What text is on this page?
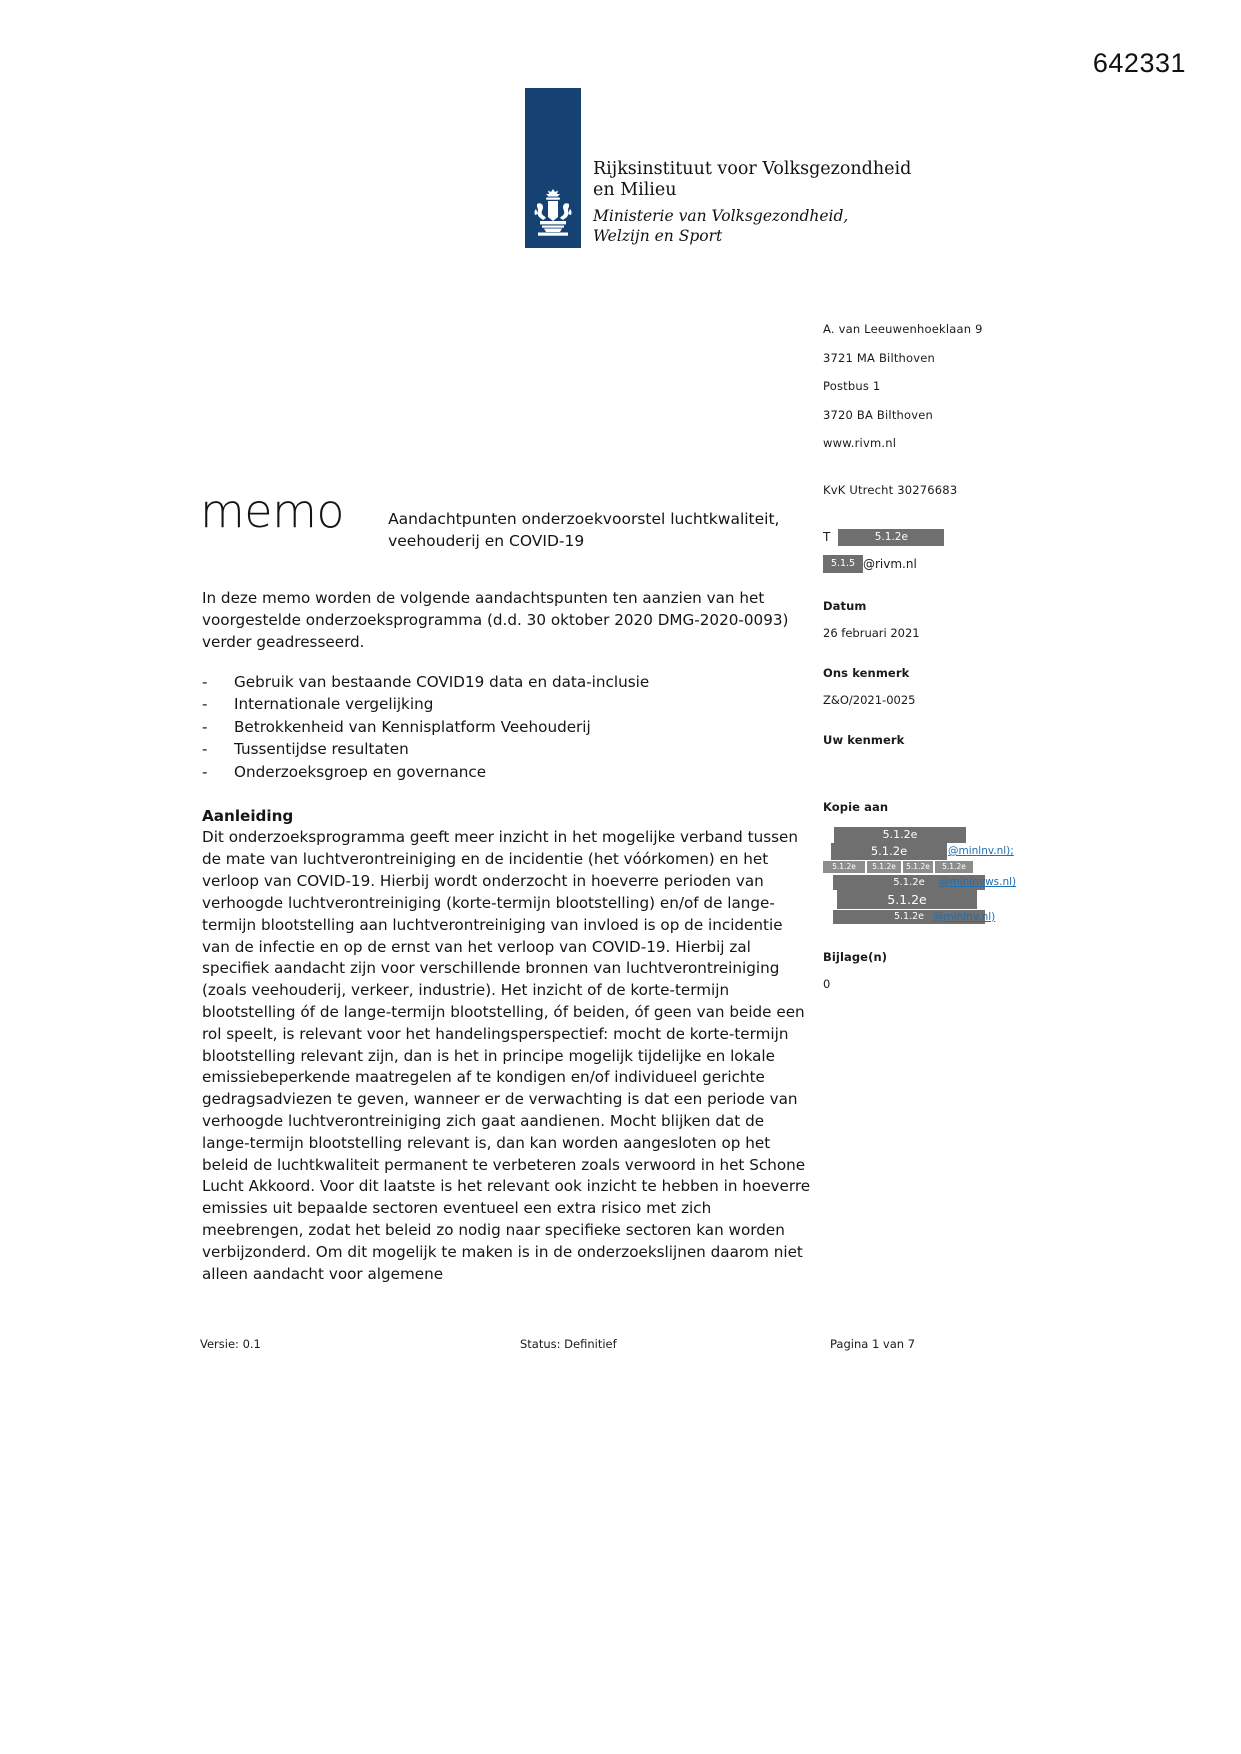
642331
Rijksinstituut voor Volksgezondheid
en Milieu
Ministerie van Volksgezondheid,
Welzijn en Sport
A. van Leeuwenhoeklaan 9
3721 MA Bilthoven
Postbus 1
3720 BA Bilthoven
www.rivm.nl
KvK Utrecht 30276683
T	5.1.2e
5.1.5 @rivm.nl
Datum
26 februari 2021
Ons kenmerk
Z&O/2021-0025
Uw kenmerk

Kopie aan
5.1.2e
5.1.2e	@minlnv.nl);
5.1.2e	5.1.2e	5.1.2e	5.1.2e
5.1.2e	@minlnvws.nl)
5.1.2e
5.1.2e @minlnv.nl)
Bijlage(n)
0
memo	Aandachtpunten onderzoekvoorstel luchtkwaliteit,
veehouderij en COVID-19

In deze memo worden de volgende aandachtspunten ten aanzien van het voorgestelde onderzoeksprogramma (d.d. 30 oktober 2020 DMG-2020-0093) verder geadresseerd.

-	Gebruik van bestaande COVID19 data en data-inclusie
-	Internationale vergelijking
-	Betrokkenheid van Kennisplatform Veehouderij
-	Tussentijdse resultaten
-	Onderzoeksgroep en governance
Aanleiding
Dit onderzoeksprogramma geeft meer inzicht in het mogelijke verband tussen de mate van luchtverontreiniging en de incidentie (het vóórkomen) en het verloop van COVID-19. Hierbij wordt onderzocht in hoeverre perioden van verhoogde luchtverontreiniging (korte-termijn blootstelling) en/of de lange-termijn blootstelling aan luchtverontreiniging van invloed is op de incidentie van de infectie en op de ernst van het verloop van COVID-19. Hierbij zal specifiek aandacht zijn voor verschillende bronnen van luchtverontreiniging (zoals veehouderij, verkeer, industrie). Het inzicht of de korte-termijn blootstelling óf de lange-termijn blootstelling, óf beiden, óf geen van beide een rol speelt, is relevant voor het handelingsperspectief: mocht de korte-termijn blootstelling relevant zijn, dan is het in principe mogelijk tijdelijke en lokale emissiebeperkende maatregelen af te kondigen en/of individueel gerichte gedragsadviezen te geven, wanneer er de verwachting is dat een periode van verhoogde luchtverontreiniging zich gaat aandienen. Mocht blijken dat de lange-termijn blootstelling relevant is, dan kan worden aangesloten op het beleid de luchtkwaliteit permanent te verbeteren zoals verwoord in het Schone Lucht Akkoord. Voor dit laatste is het relevant ook inzicht te hebben in hoeverre emissies uit bepaalde sectoren eventueel een extra risico met zich meebrengen, zodat het beleid zo nodig naar specifieke sectoren kan worden verbijzonderd. Om dit mogelijk te maken is in de onderzoekslijnen daarom niet alleen aandacht voor algemene
Versie: 0.1	Status: Definitief	Pagina 1 van 7
